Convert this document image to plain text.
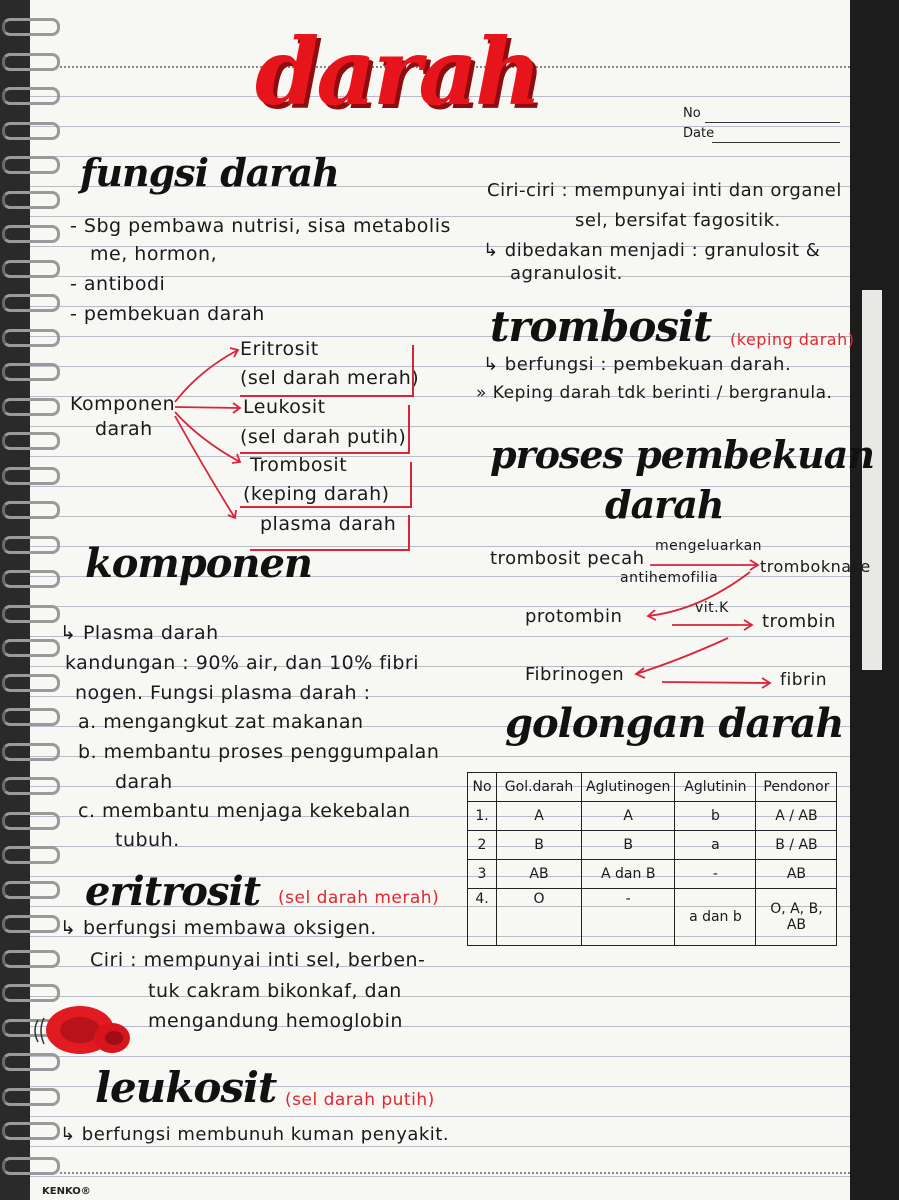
darah	No
Date
fungsi darah
- Sbg pembawa nutrisi, sisa metabolis
me, hormon,
- antibodi
- pembekuan darah
Komponen
darah
Eritrosit
(sel darah merah)
Leukosit
(sel darah putih)
Trombosit
(keping darah)
plasma darah
komponen
↳ Plasma darah
kandungan : 90% air, dan 10% fibri
nogen. Fungsi plasma darah :
a. mengangkut zat makanan
b. membantu proses penggumpalan
darah
c. membantu menjaga kekebalan
tubuh.
eritrosit (sel darah merah)
↳ berfungsi membawa oksigen.
Ciri : mempunyai inti sel, berben-
tuk cakram bikonkaf, dan
mengandung hemoglobin
leukosit (sel darah putih)
↳ berfungsi membunuh kuman penyakit.
Ciri-ciri : mempunyai inti dan organel
sel, bersifat fagositik.
↳ dibedakan menjadi : granulosit &
agranulosit.
trombosit (keping darah)
↳ berfungsi : pembekuan darah.
» Keping darah tdk berinti / bergranula.
proses pembekuan
darah
trombosit pecah
mengeluarkan
antihemofilia
tromboknase
protombin	vit.K
trombin
Fibrinogen	fibrin
golongan darah
No	Gol.darah	Aglutinogen	Aglutinin	Pendonor
1.	A	A	b	A / AB
2	B	B	a	B / AB
3	AB	A dan B	-	AB
4.	O	-	a dan b	O, A, B, AB
KENKO®
